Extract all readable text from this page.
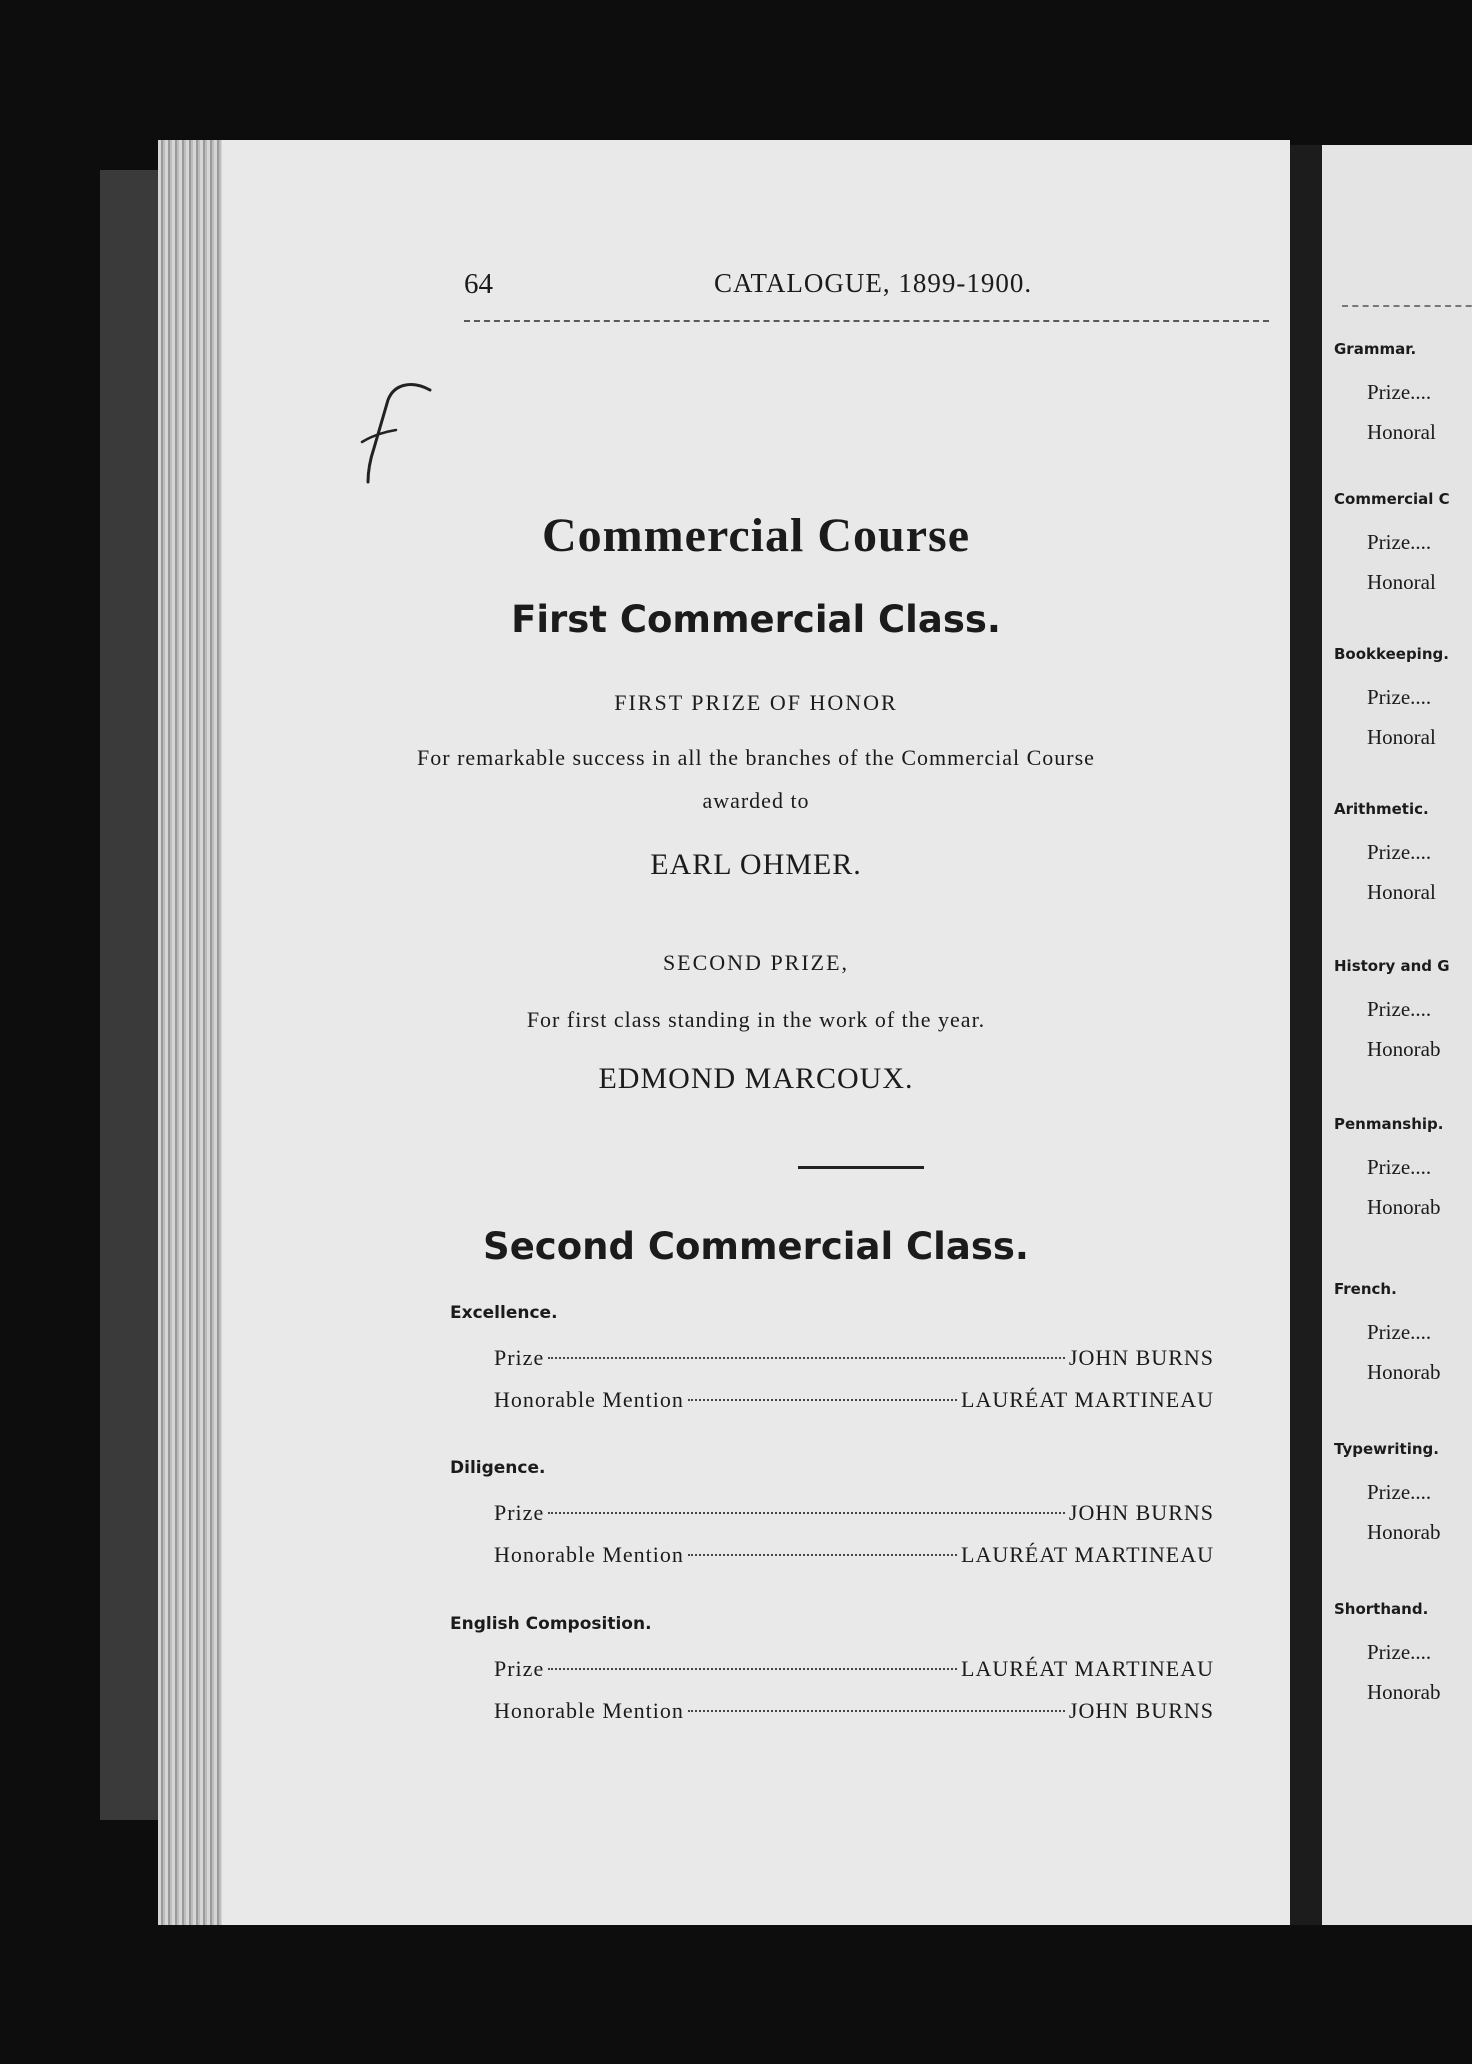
64	CATALOGUE, 1899-1900.
Commercial Course
First Commercial Class.
FIRST PRIZE OF HONOR
For remarkable success in all the branches of the Commercial Course
awarded to
EARL OHMER.
SECOND PRIZE,
For first class standing in the work of the year.
EDMOND MARCOUX.
Second Commercial Class.
Excellence.
Prize	JOHN BURNS
Honorable Mention	LAURÉAT MARTINEAU
Diligence.
Prize	JOHN BURNS
Honorable Mention	LAURÉAT MARTINEAU
English Composition.
Prize	LAURÉAT MARTINEAU
Honorable Mention	JOHN BURNS
Grammar.
Prize....
Honoral
Commercial C
Prize....
Honoral
Bookkeeping.
Prize....
Honoral
Arithmetic.
Prize....
Honoral
History and G
Prize....
Honorab
Penmanship.
Prize....
Honorab
French.
Prize....
Honorab
Typewriting.
Prize....
Honorab
Shorthand.
Prize....
Honorab
